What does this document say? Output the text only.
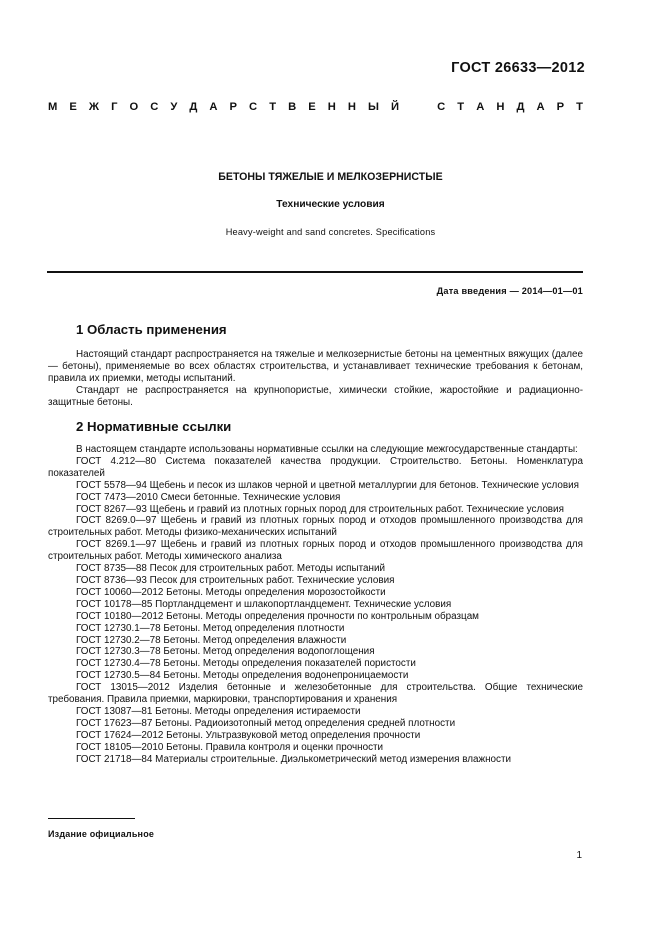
ГОСТ 26633—2012
М Е Ж Г О С У Д А Р С Т В Е Н Н Ы Й	С Т А Н Д А Р Т
БЕТОНЫ ТЯЖЕЛЫЕ И МЕЛКОЗЕРНИСТЫЕ
Технические условия
Heavy-weight and sand concretes. Specifications
Дата введения — 2014—01—01
1 Область применения

Настоящий стандарт распространяется на тяжелые и мелкозернистые бетоны на цементных вяжущих (далее — бетоны), применяемые во всех областях строительства, и устанавливает технические требования к бетонам, правила их приемки, методы испытаний.

Стандарт не распространяется на крупнопористые, химически стойкие, жаростойкие и радиационно-защитные бетоны.

2 Нормативные ссылки

В настоящем стандарте использованы нормативные ссылки на следующие межгосударственные стандарты:

ГОСТ 4.212—80 Система показателей качества продукции. Строительство. Бетоны. Номенклатура показателей

ГОСТ 5578—94 Щебень и песок из шлаков черной и цветной металлургии для бетонов. Технические условия

ГОСТ 7473—2010 Смеси бетонные. Технические условия

ГОСТ 8267—93 Щебень и гравий из плотных горных пород для строительных работ. Технические условия

ГОСТ 8269.0—97 Щебень и гравий из плотных горных пород и отходов промышленного производства для строительных работ. Методы физико-механических испытаний

ГОСТ 8269.1—97 Щебень и гравий из плотных горных пород и отходов промышленного производства для строительных работ. Методы химического анализа

ГОСТ 8735—88 Песок для строительных работ. Методы испытаний

ГОСТ 8736—93 Песок для строительных работ. Технические условия

ГОСТ 10060—2012 Бетоны. Методы определения морозостойкости

ГОСТ 10178—85 Портландцемент и шлакопортландцемент. Технические условия

ГОСТ 10180—2012 Бетоны. Методы определения прочности по контрольным образцам

ГОСТ 12730.1—78 Бетоны. Метод определения плотности

ГОСТ 12730.2—78 Бетоны. Метод определения влажности

ГОСТ 12730.3—78 Бетоны. Метод определения водопоглощения

ГОСТ 12730.4—78 Бетоны. Методы определения показателей пористости

ГОСТ 12730.5—84 Бетоны. Методы определения водонепроницаемости

ГОСТ 13015—2012 Изделия бетонные и железобетонные для строительства. Общие технические требования. Правила приемки, маркировки, транспортирования и хранения

ГОСТ 13087—81 Бетоны. Методы определения истираемости

ГОСТ 17623—87 Бетоны. Радиоизотопный метод определения средней плотности

ГОСТ 17624—2012 Бетоны. Ультразвуковой метод определения прочности

ГОСТ 18105—2010 Бетоны. Правила контроля и оценки прочности

ГОСТ 21718—84 Материалы строительные. Диэлькометрический метод измерения влажности

Издание официальное
1
